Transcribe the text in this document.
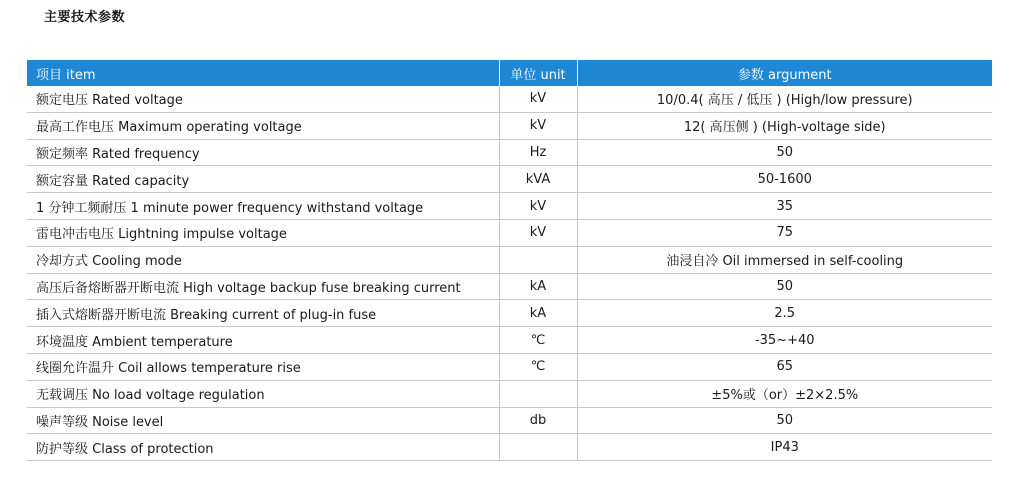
主要技术参数
项目 item	单位 unit	参数 argument
额定电压 Rated voltage	kV	10/0.4( 高压 / 低压 ) (High/low pressure)
最高工作电压 Maximum operating voltage	kV	12( 高压侧 ) (High-voltage side)
额定频率 Rated frequency	Hz	50
额定容量 Rated capacity	kVA	50-1600
1 分钟工频耐压 1 minute power frequency withstand voltage	kV	35
雷电冲击电压 Lightning impulse voltage	kV	75
冷却方式 Cooling mode		油浸自冷 Oil immersed in self-cooling
高压后备熔断器开断电流 High voltage backup fuse breaking current	kA	50
插入式熔断器开断电流 Breaking current of plug-in fuse	kA	2.5
环境温度 Ambient temperature	℃	-35~+40
线圈允许温升 Coil allows temperature rise	℃	65
无载调压 No load voltage regulation		±5%或（or）±2×2.5%
噪声等级 Noise level	db	50
防护等级 Class of protection		IP43
